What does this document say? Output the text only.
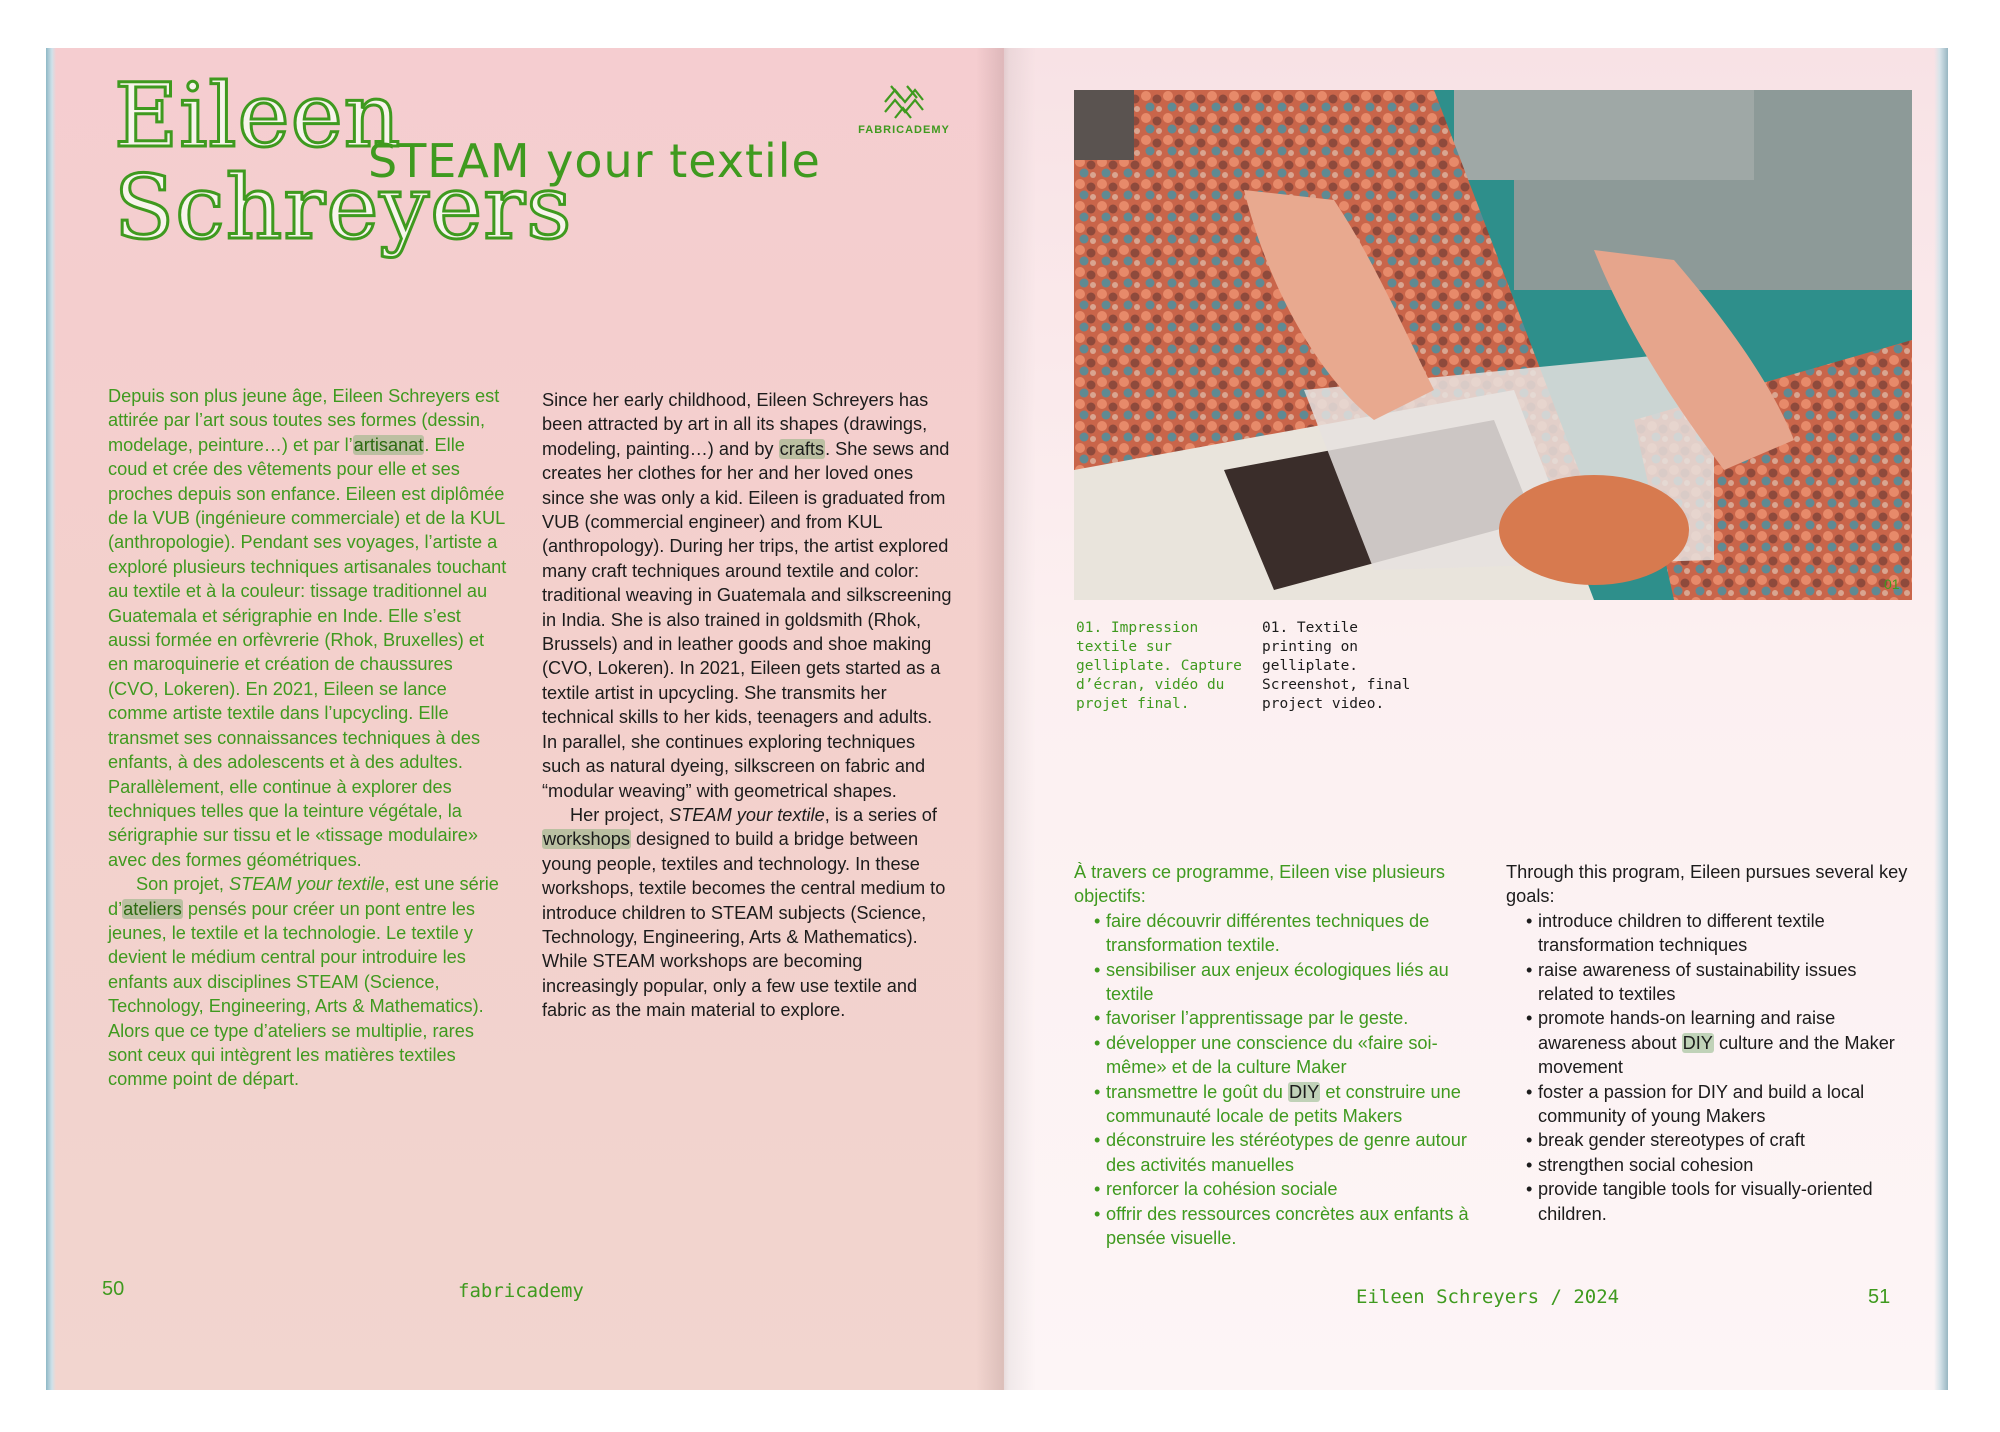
Eileen
Schreyers
STEAM your textile
FABRICADEMY

Depuis son plus jeune âge, Eileen Schreyers est attirée par l’art sous toutes ses formes (dessin, modelage, peinture…) et par l’artisanat. Elle coud et crée des vêtements pour elle et ses proches depuis son enfance. Eileen est diplômée de la VUB (ingénieure commerciale) et de la KUL (anthropologie). Pendant ses voyages, l’artiste a exploré plusieurs techniques artisanales touchant au textile et à la couleur: tissage traditionnel au Guatemala et sérigraphie en Inde. Elle s’est aussi formée en orfèvrerie (Rhok, Bruxelles) et en maroquinerie et création de chaussures (CVO, Lokeren). En 2021, Eileen se lance comme artiste textile dans l’upcycling. Elle transmet ses connaissances techniques à des enfants, à des adolescents et à des adultes. Parallèlement, elle continue à explorer des techniques telles que la teinture végétale, la sérigraphie sur tissu et le «tissage modulaire» avec des formes géométriques.

Son projet, STEAM your textile, est une série d’ateliers pensés pour créer un pont entre les jeunes, le textile et la technologie. Le textile y devient le médium central pour introduire les enfants aux disciplines STEAM (Science, Technology, Engineering, Arts & Mathematics). Alors que ce type d’ateliers se multiplie, rares sont ceux qui intègrent les matières textiles comme point de départ.

Since her early childhood, Eileen Schreyers has been attracted by art in all its shapes (drawings, modeling, painting…) and by crafts. She sews and creates her clothes for her and her loved ones since she was only a kid. Eileen is graduated from VUB (commercial engineer) and from KUL (anthropology). During her trips, the artist explored many craft techniques around textile and color: traditional weaving in Guatemala and silkscreening in India. She is also trained in goldsmith (Rhok, Brussels) and in leather goods and shoe making (CVO, Lokeren). In 2021, Eileen gets started as a textile artist in upcycling. She transmits her technical skills to her kids, teenagers and adults. In parallel, she continues exploring techniques such as natural dyeing, silkscreen on fabric and “modular weaving” with geometrical shapes.

Her project, STEAM your textile, is a series of workshops designed to build a bridge between young people, textiles and technology. In these workshops, textile becomes the central medium to introduce children to STEAM subjects (Science, Technology, Engineering, Arts & Mathematics). While STEAM workshops are becoming increasingly popular, only a few use textile and fabric as the main material to explore.

50	fabricademy
01
01. Impression textile sur gelliplate. Capture d’écran, vidéo du projet final.
01. Textile printing on gelliplate. Screenshot, final project video.

À travers ce programme, Eileen vise plusieurs objectifs:

• faire découvrir différentes techniques de transformation textile.
• sensibiliser aux enjeux écologiques liés au textile
• favoriser l’apprentissage par le geste.
• développer une conscience du «faire soi-même» et de la culture Maker
• transmettre le goût du DIY et construire une communauté locale de petits Makers
• déconstruire les stéréotypes de genre autour des activités manuelles
• renforcer la cohésion sociale
• offrir des ressources concrètes aux enfants à pensée visuelle.

Through this program, Eileen pursues several key goals:

• introduce children to different textile transformation techniques
• raise awareness of sustainability issues related to textiles
• promote hands-on learning and raise awareness about DIY culture and the Maker movement
• foster a passion for DIY and build a local community of young Makers
• break gender stereotypes of craft
• strengthen social cohesion
• provide tangible tools for visually-oriented children.
Eileen Schreyers / 2024	51
